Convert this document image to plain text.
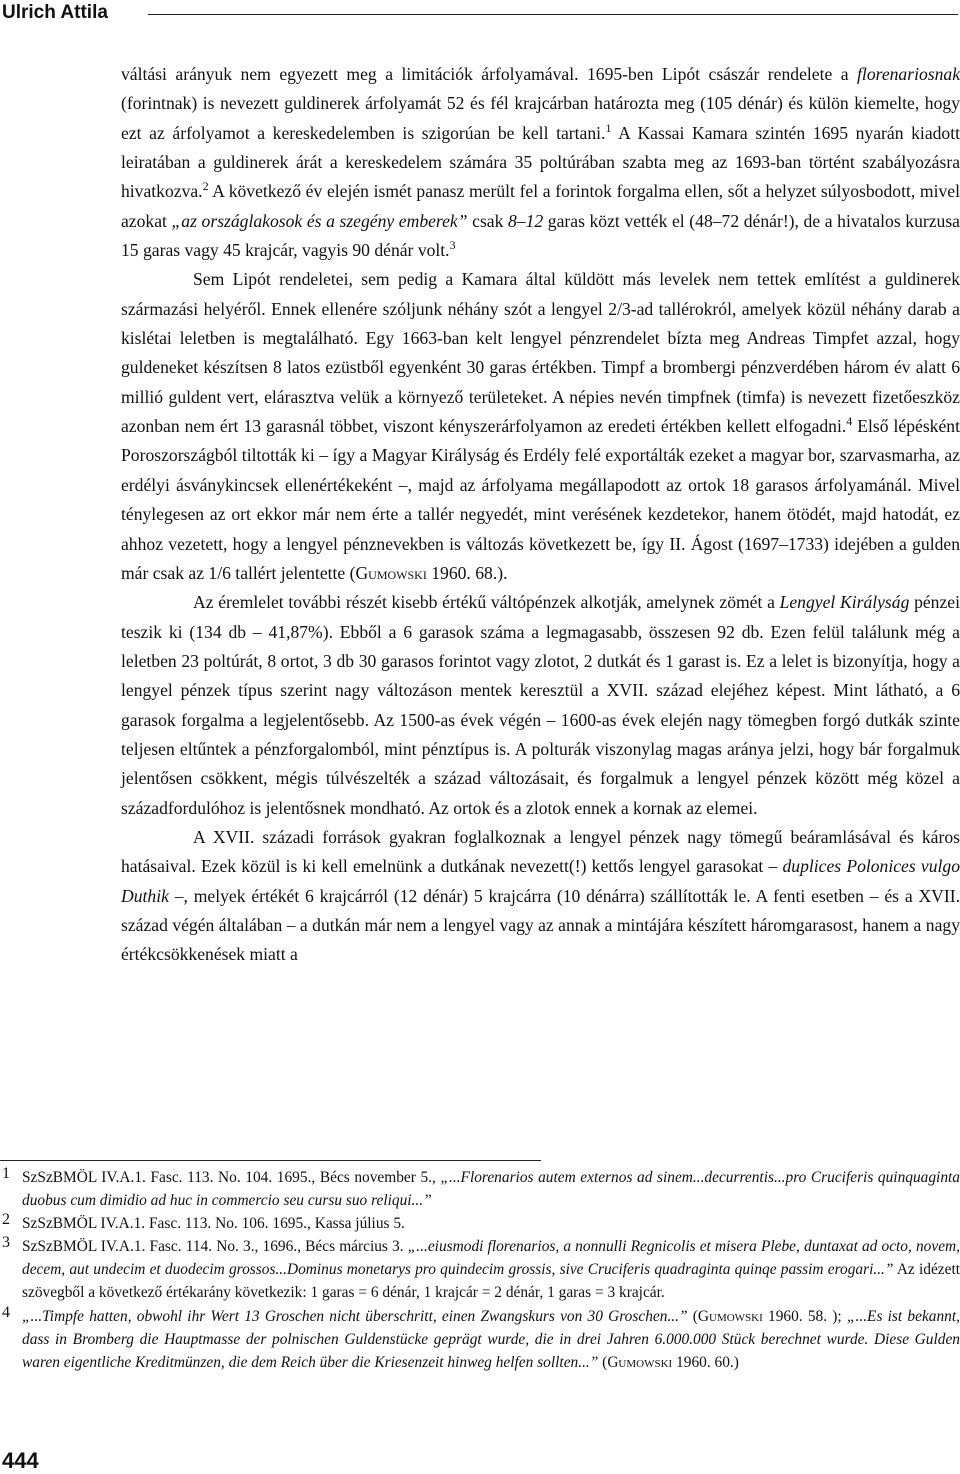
Ulrich Attila

váltási arányuk nem egyezett meg a limitációk árfolyamával. 1695-ben Lipót császár rendelete a florenariosnak (forintnak) is nevezett guldinerek árfolyamát 52 és fél krajcárban határozta meg (105 dénár) és külön kiemelte, hogy ezt az árfolyamot a kereskedelemben is szigorúan be kell tartani.$^1$ A Kassai Kamara szintén 1695 nyarán kiadott leiratában a guldinerek árát a kereskedelem számára 35 poltúrában szabta meg az 1693-ban történt szabályozásra hivatkozva.$^2$ A következő év elején ismét panasz merült fel a forintok forgalma ellen, sőt a helyzet súlyosbodott, mivel azokat „az országlakosok és a szegény emberek” csak 8–12 garas közt vették el (48–72 dénár!), de a hivatalos kurzusa 15 garas vagy 45 krajcár, vagyis 90 dénár volt.$^3$

Sem Lipót rendeletei, sem pedig a Kamara által küldött más levelek nem tettek említést a guldinerek származási helyéről. Ennek ellenére szóljunk néhány szót a lengyel 2/3-ad tallérokról, amelyek közül néhány darab a kislétai leletben is megtalálható. Egy 1663-ban kelt lengyel pénzrendelet bízta meg Andreas Timpfet azzal, hogy guldeneket készítsen 8 latos ezüstből egyenként 30 garas értékben. Timpf a brombergi pénzverdében három év alatt 6 millió guldent vert, elárasztva velük a környező területeket. A népies nevén timpfnek (timfa) is nevezett fizetőeszköz azonban nem ért 13 garasnál többet, viszont kényszerárfolyamon az eredeti értékben kellett elfogadni.$^4$ Első lépésként Poroszországból tiltották ki – így a Magyar Királyság és Erdély felé exportálták ezeket a magyar bor, szarvasmarha, az erdélyi ásványkincsek ellenértékeként –, majd az árfolyama megállapodott az ortok 18 garasos árfolyamánál. Mivel ténylegesen az ort ekkor már nem érte a tallér negyedét, mint verésének kezdetekor, hanem ötödét, majd hatodát, ez ahhoz vezetett, hogy a lengyel pénznevekben is változás következett be, így II. Ágost (1697–1733) idejében a gulden már csak az 1/6 tallért jelentette (Gumowski 1960. 68.).

Az éremlelet további részét kisebb értékű váltópénzek alkotják, amelynek zömét a Lengyel Királyság pénzei teszik ki (134 db – 41,87%). Ebből a 6 garasok száma a legmagasabb, összesen 92 db. Ezen felül találunk még a leletben 23 poltúrát, 8 ortot, 3 db 30 garasos forintot vagy zlotot, 2 dutkát és 1 garast is. Ez a lelet is bizonyítja, hogy a lengyel pénzek típus szerint nagy változáson mentek keresztül a XVII. század elejéhez képest. Mint látható, a 6 garasok forgalma a legjelentősebb. Az 1500-as évek végén – 1600-as évek elején nagy tömegben forgó dutkák szinte teljesen eltűntek a pénzforgalomból, mint pénztípus is. A polturák viszonylag magas aránya jelzi, hogy bár forgalmuk jelentősen csökkent, mégis túlvészelték a század változásait, és forgalmuk a lengyel pénzek között még közel a századfordulóhoz is jelentősnek mondható. Az ortok és a zlotok ennek a kornak az elemei.

A XVII. századi források gyakran foglalkoznak a lengyel pénzek nagy tömegű beáramlásával és káros hatásaival. Ezek közül is ki kell emelnünk a dutkának nevezett(!) kettős lengyel garasokat – duplices Polonices vulgo Duthik –, melyek értékét 6 krajcárról (12 dénár) 5 krajcárra (10 dénárra) szállították le. A fenti esetben – és a XVII. század végén általában – a dutkán már nem a lengyel vagy az annak a mintájára készített háromgarasost, hanem a nagy értékcsökkenések miatt a

1 SzSzBMÖL IV.A.1. Fasc. 113. No. 104. 1695., Bécs november 5., „...Florenarios autem externos ad sinem...decurrentis...pro Cruciferis quinquaginta duobus cum dimidio ad huc in commercio seu cursu suo reliqui...”
2 SzSzBMÖL IV.A.1. Fasc. 113. No. 106. 1695., Kassa július 5.
3 SzSzBMÖL IV.A.1. Fasc. 114. No. 3., 1696., Bécs március 3. „...eiusmodi florenarios, a nonnulli Regnicolis et misera Plebe, duntaxat ad octo, novem, decem, aut undecim et duodecim grossos...Dominus monetarys pro quindecim grossis, sive Cruciferis quadraginta quinqe passim erogari...” Az idézett szövegből a következő értékarány következik: 1 garas = 6 dénár, 1 krajcár = 2 dénár, 1 garas = 3 krajcár.
4 „...Timpfe hatten, obwohl ihr Wert 13 Groschen nicht überschritt, einen Zwangskurs von 30 Groschen...” (Gumowski 1960. 58. ); „...Es ist bekannt, dass in Bromberg die Hauptmasse der polnischen Guldenstücke geprägt wurde, die in drei Jahren 6.000.000 Stück berechnet wurde. Diese Gulden waren eigentliche Kreditmünzen, die dem Reich über die Kriesenzeit hinweg helfen sollten...” (Gumowski 1960. 60.)
444
